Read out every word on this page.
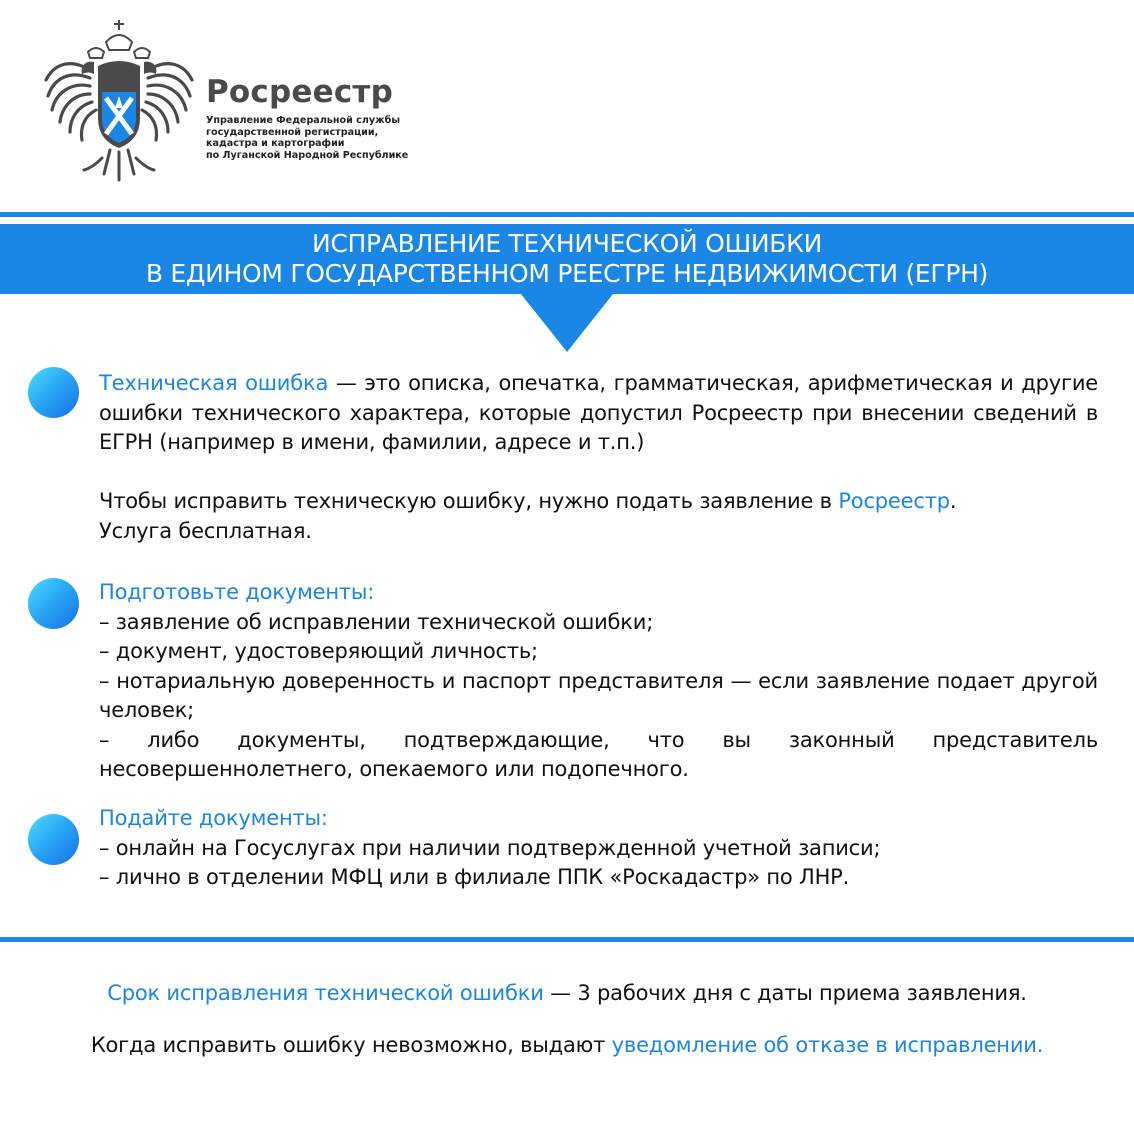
Росреестр
Управление Федеральной службы
государственной регистрации,
кадастра и картографии
по Луганской Народной Республике
ИСПРАВЛЕНИЕ ТЕХНИЧЕСКОЙ ОШИБКИ
В ЕДИНОМ ГОСУДАРСТВЕННОМ РЕЕСТРЕ НЕДВИЖИМОСТИ (ЕГРН)
Техническая ошибка — это описка, опечатка, грамматическая, арифметическая и другие ошибки технического характера, которые допустил Росреестр при внесении сведений в ЕГРН (например в имени, фамилии, адресе и т.п.)
Чтобы исправить техническую ошибку, нужно подать заявление в Росреестр.
Услуга бесплатная.
Подготовьте документы:
– заявление об исправлении технической ошибки;
– документ, удостоверяющий личность;
– нотариальную доверенность и паспорт представителя — если заявление подает другой человек;
– либо документы, подтверждающие, что вы законный представитель несовершеннолетнего, опекаемого или подопечного.
Подайте документы:
– онлайн на Госуслугах при наличии подтвержденной учетной записи;
– лично в отделении МФЦ или в филиале ППК «Роскадастр» по ЛНР.
Срок исправления технической ошибки — 3 рабочих дня с даты приема заявления.
Когда исправить ошибку невозможно, выдают уведомление об отказе в исправлении.
